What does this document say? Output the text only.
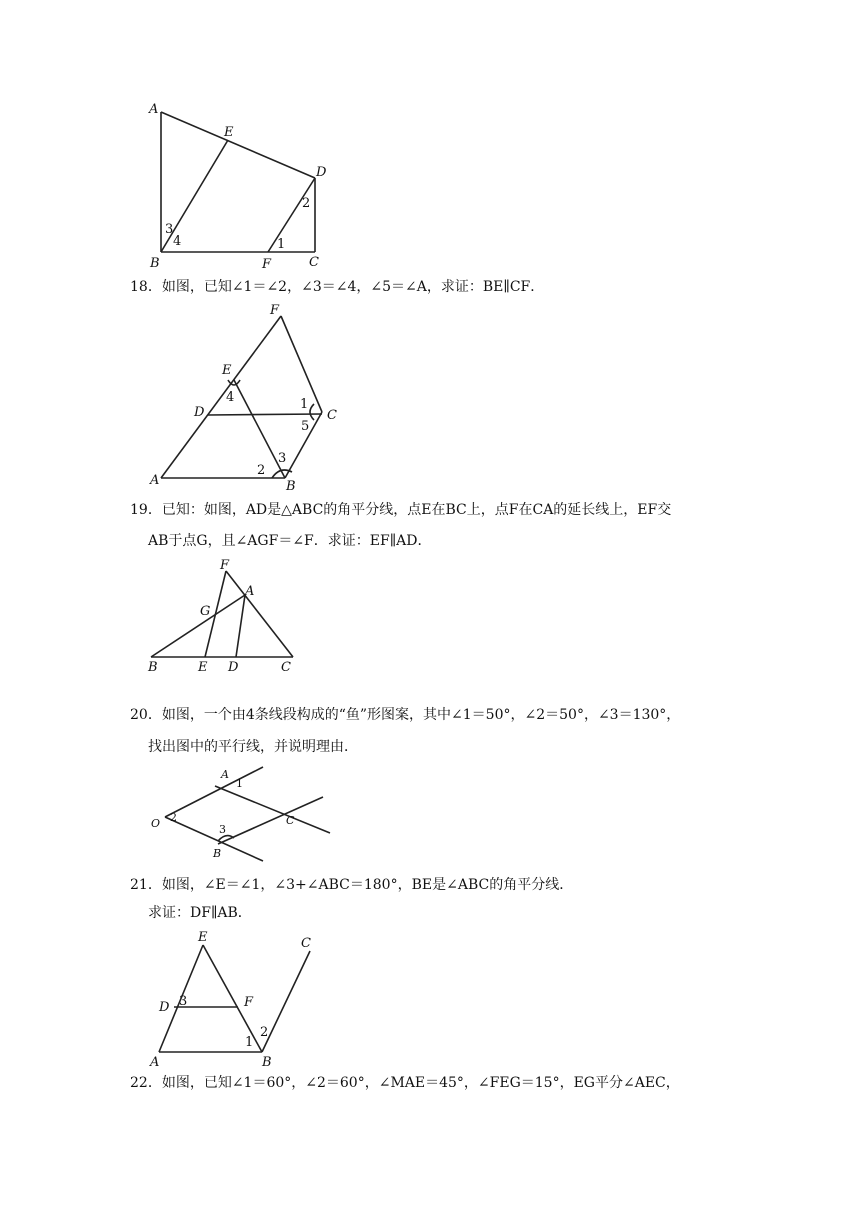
A
E
D
B	F	C
3
4
2
1
18．如图，已知∠1＝∠2，∠3＝∠4，∠5＝∠A，求证：BE∥CF．
F
E
D	C
A	B
4	1
5
3
2
19．已知：如图，AD是△ABC的角平分线，点E在BC上，点F在CA的延长线上，EF交
AB于点G，且∠AGF＝∠F．求证：EF∥AD．
F
A
G
B	E D	C
20．如图，一个由4条线段构成的“鱼”形图案，其中∠1＝50°，∠2＝50°，∠3＝130°，
找出图中的平行线，并说明理由．
A
1
O 2
3
B
C
21．如图，∠E＝∠1，∠3+∠ABC＝180°，BE是∠ABC的角平分线．
求证：DF∥AB．
E	C
D 3	F
2
1
A	B
22．如图，已知∠1＝60°，∠2＝60°，∠MAE＝45°，∠FEG＝15°，EG平分∠AEC，
